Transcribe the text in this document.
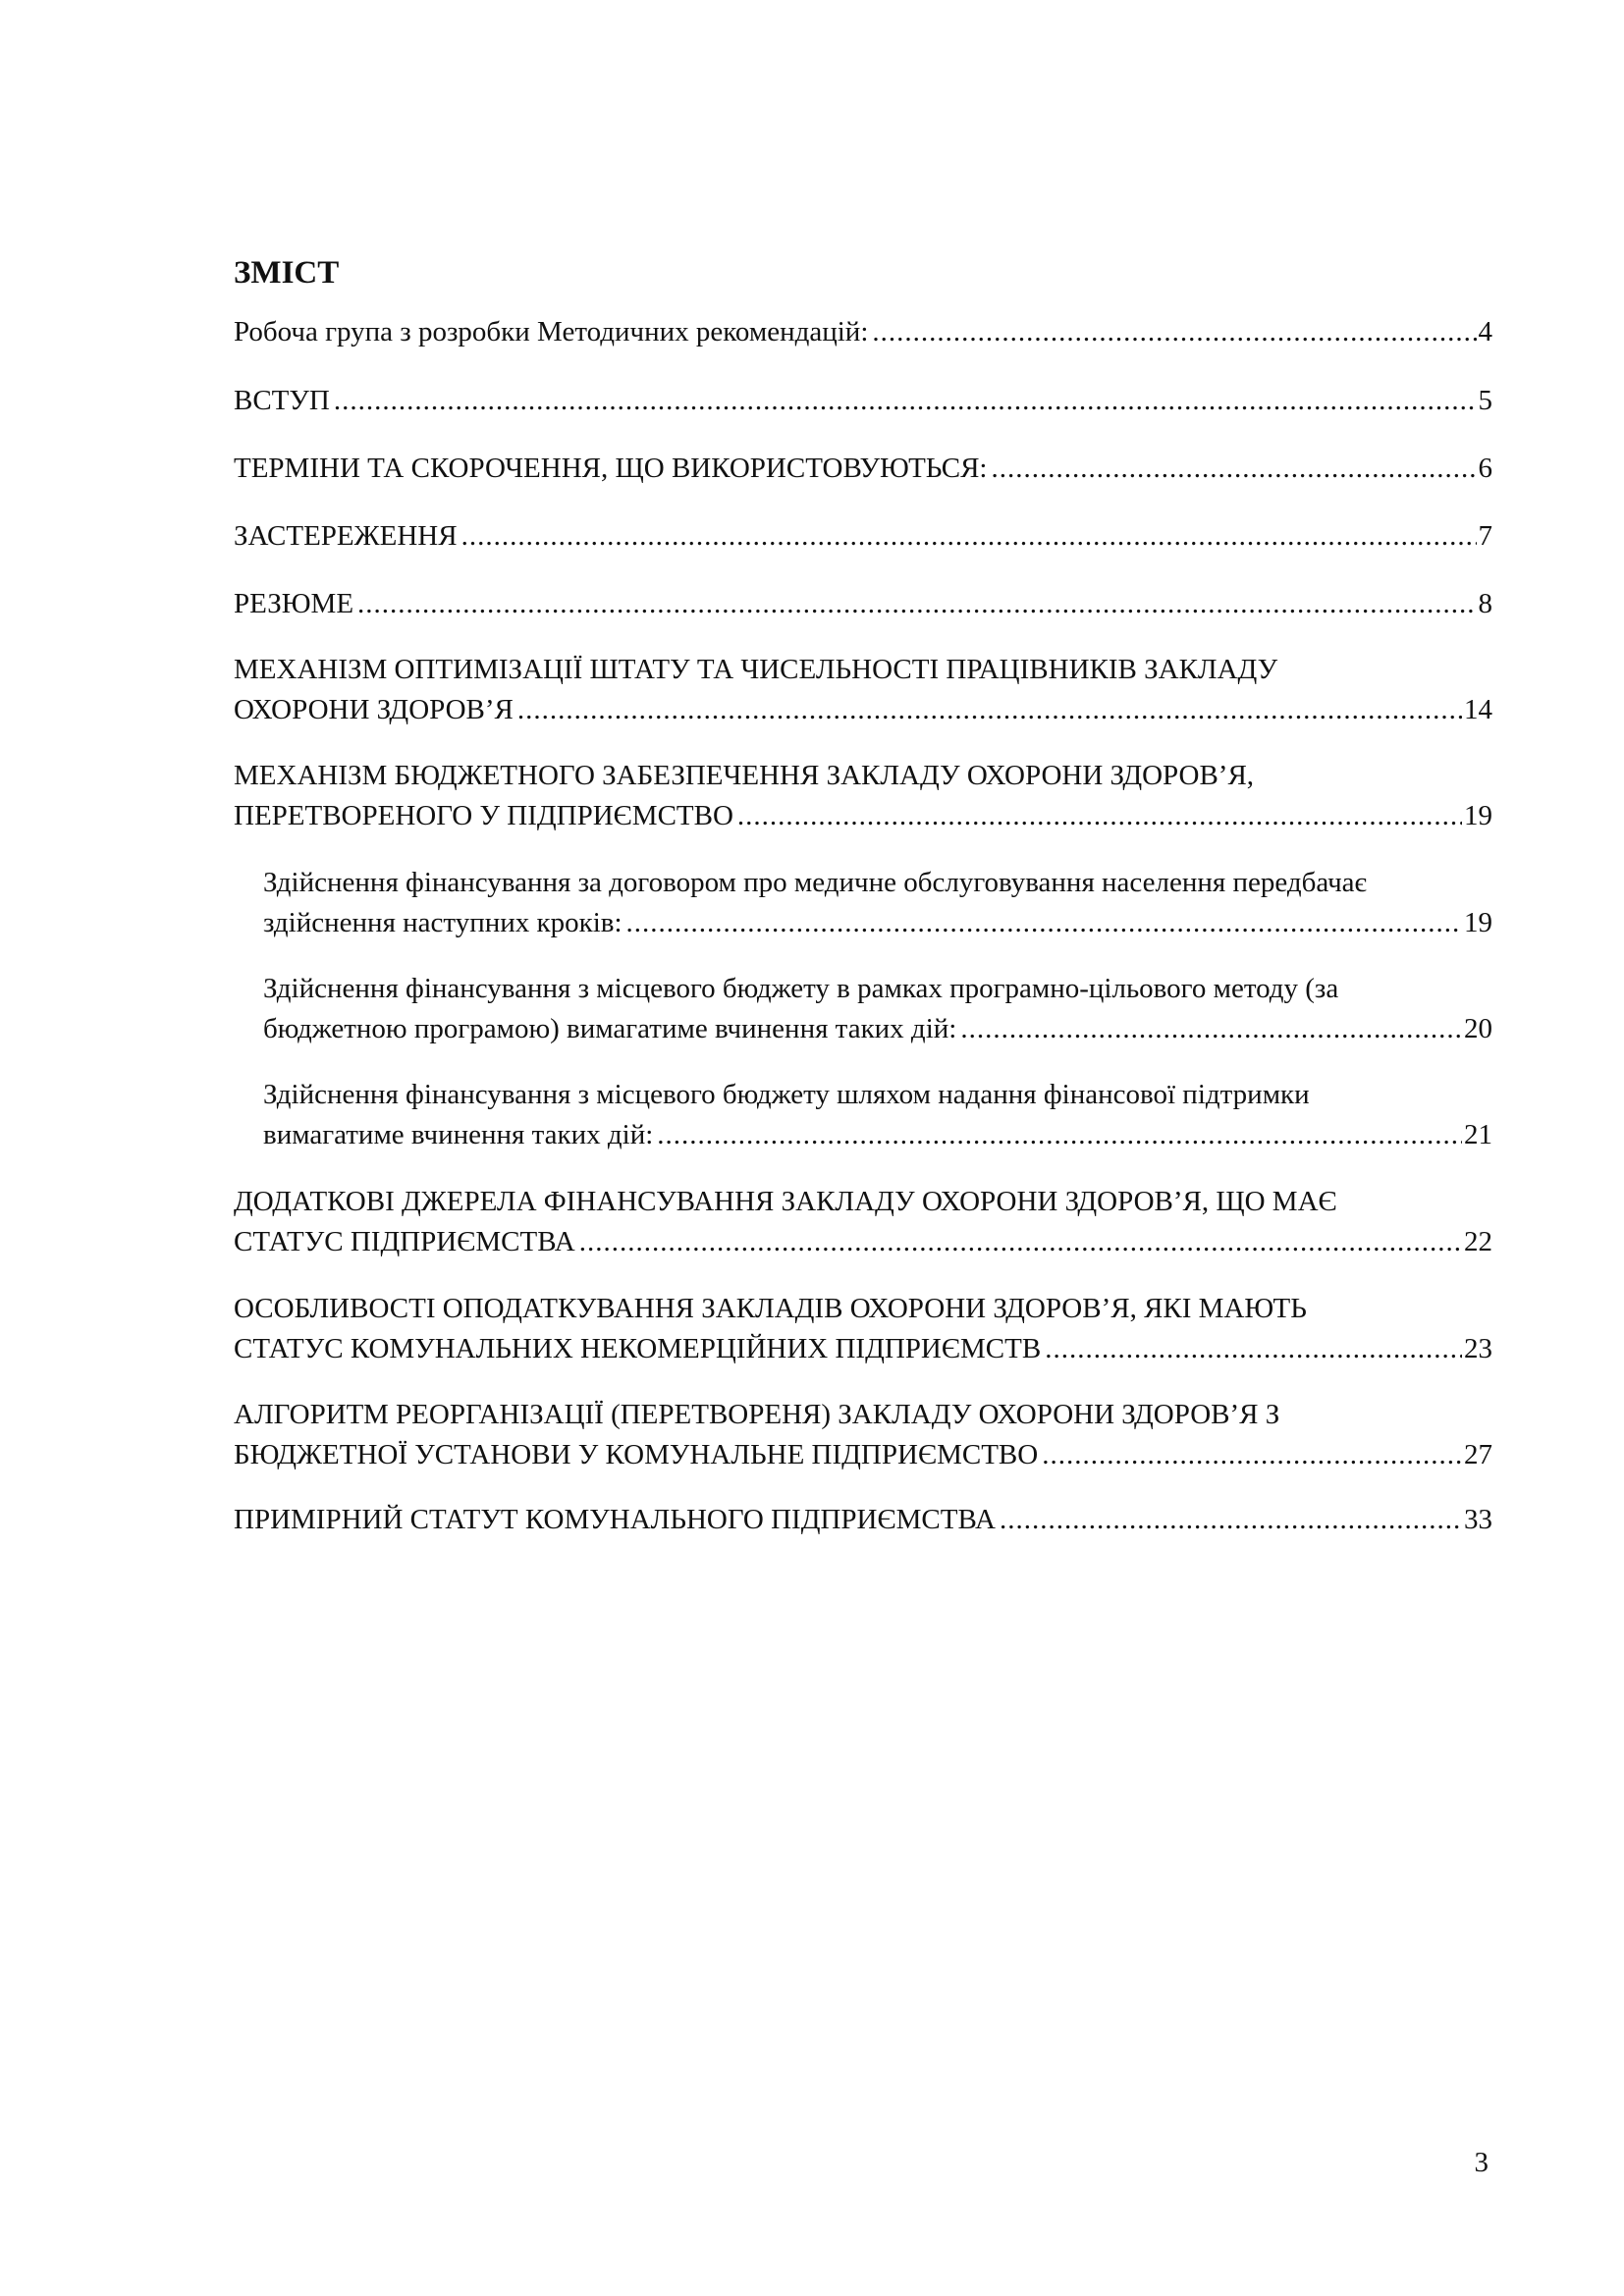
ЗМІСТ
Робоча група з розробки Методичних рекомендацій: .....	4
ВСТУП .....	5
ТЕРМІНИ ТА СКОРОЧЕННЯ, ЩО ВИКОРИСТОВУЮТЬСЯ: .....	6
ЗАСТЕРЕЖЕННЯ .....	7
РЕЗЮМЕ .....	8
МЕХАНІЗМ ОПТИМІЗАЦІЇ ШТАТУ ТА ЧИСЕЛЬНОСТІ ПРАЦІВНИКІВ ЗАКЛАДУ
ОХОРОНИ ЗДОРОВ’Я .....	14
МЕХАНІЗМ БЮДЖЕТНОГО ЗАБЕЗПЕЧЕННЯ ЗАКЛАДУ ОХОРОНИ ЗДОРОВ’Я,
ПЕРЕТВОРЕНОГО У ПІДПРИЄМСТВО .....	19
Здійснення фінансування за договором про медичне обслуговування населення передбачає
здійснення наступних кроків: .....	19
Здійснення фінансування з місцевого бюджету в рамках програмно-цільового методу (за
бюджетною програмою) вимагатиме вчинення таких дій: .....	20
Здійснення фінансування з місцевого бюджету шляхом надання фінансової підтримки
вимагатиме вчинення таких дій: .....	21
ДОДАТКОВІ ДЖЕРЕЛА ФІНАНСУВАННЯ ЗАКЛАДУ ОХОРОНИ ЗДОРОВ’Я, ЩО МАЄ
СТАТУС ПІДПРИЄМСТВА .....	22
ОСОБЛИВОСТІ ОПОДАТКУВАННЯ ЗАКЛАДІВ ОХОРОНИ ЗДОРОВ’Я, ЯКІ МАЮТЬ
СТАТУС КОМУНАЛЬНИХ НЕКОМЕРЦІЙНИХ ПІДПРИЄМСТВ .....	23
АЛГОРИТМ РЕОРГАНІЗАЦІЇ (ПЕРЕТВОРЕНЯ) ЗАКЛАДУ ОХОРОНИ ЗДОРОВ’Я З
БЮДЖЕТНОЇ УСТАНОВИ У КОМУНАЛЬНЕ ПІДПРИЄМСТВО .....	27
ПРИМІРНИЙ СТАТУТ КОМУНАЛЬНОГО ПІДПРИЄМСТВА .....	33
3
